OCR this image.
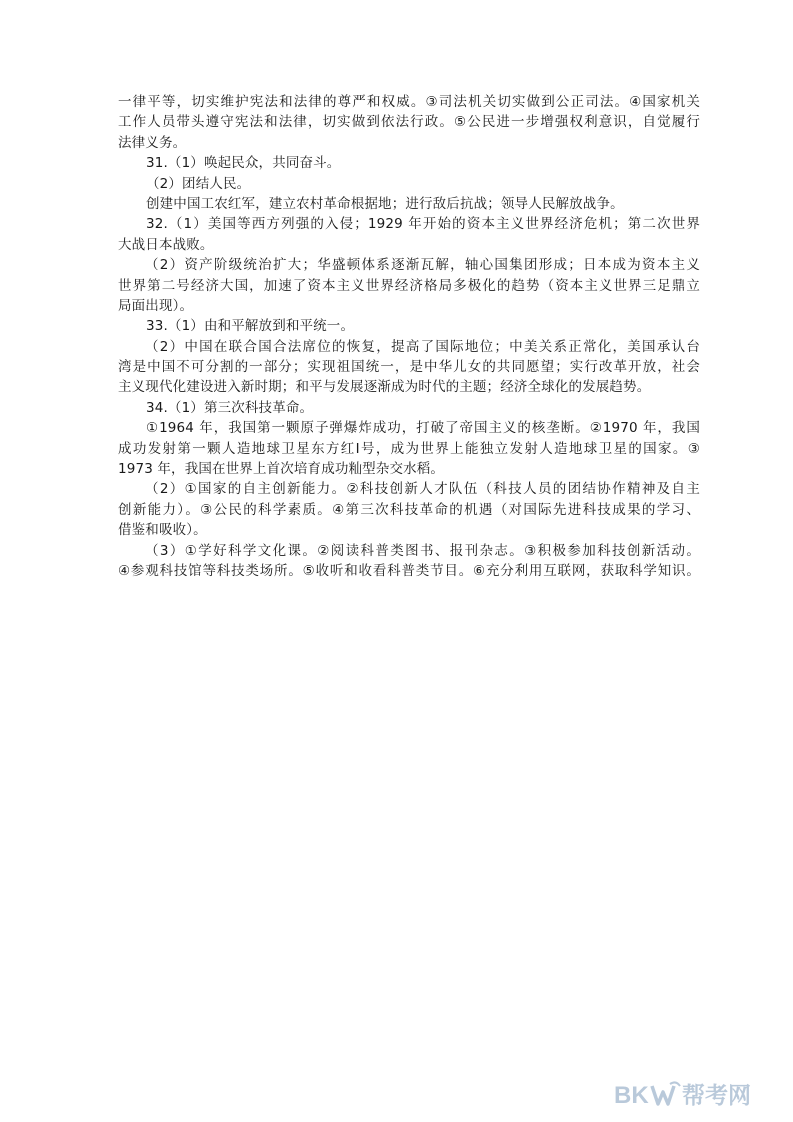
一律平等，切实维护宪法和法律的尊严和权威。③司法机关切实做到公正司法。④国家机关
工作人员带头遵守宪法和法律，切实做到依法行政。⑤公民进一步增强权利意识，自觉履行
法律义务。
31.（1）唤起民众，共同奋斗。
（2）团结人民。
创建中国工农红军，建立农村革命根据地；进行敌后抗战；领导人民解放战争。
32.（1）美国等西方列强的入侵；1929 年开始的资本主义世界经济危机；第二次世界
大战日本战败。
（2）资产阶级统治扩大；华盛顿体系逐渐瓦解，轴心国集团形成；日本成为资本主义
世界第二号经济大国，加速了资本主义世界经济格局多极化的趋势（资本主义世界三足鼎立
局面出现）。
33.（1）由和平解放到和平统一。
（2）中国在联合国合法席位的恢复，提高了国际地位；中美关系正常化，美国承认台
湾是中国不可分割的一部分；实现祖国统一，是中华儿女的共同愿望；实行改革开放，社会
主义现代化建设进入新时期；和平与发展逐渐成为时代的主题；经济全球化的发展趋势。
34.（1）第三次科技革命。
①1964 年，我国第一颗原子弹爆炸成功，打破了帝国主义的核垄断。②1970 年，我国
成功发射第一颗人造地球卫星东方红Ⅰ号，成为世界上能独立发射人造地球卫星的国家。③
1973 年，我国在世界上首次培育成功籼型杂交水稻。
（2）①国家的自主创新能力。②科技创新人才队伍（科技人员的团结协作精神及自主
创新能力）。③公民的科学素质。④第三次科技革命的机遇（对国际先进科技成果的学习、
借鉴和吸收）。
（3）①学好科学文化课。②阅读科普类图书、报刊杂志。③积极参加科技创新活动。
④参观科技馆等科技类场所。⑤收听和收看科普类节目。⑥充分利用互联网，获取科学知识。
BK 帮考网
